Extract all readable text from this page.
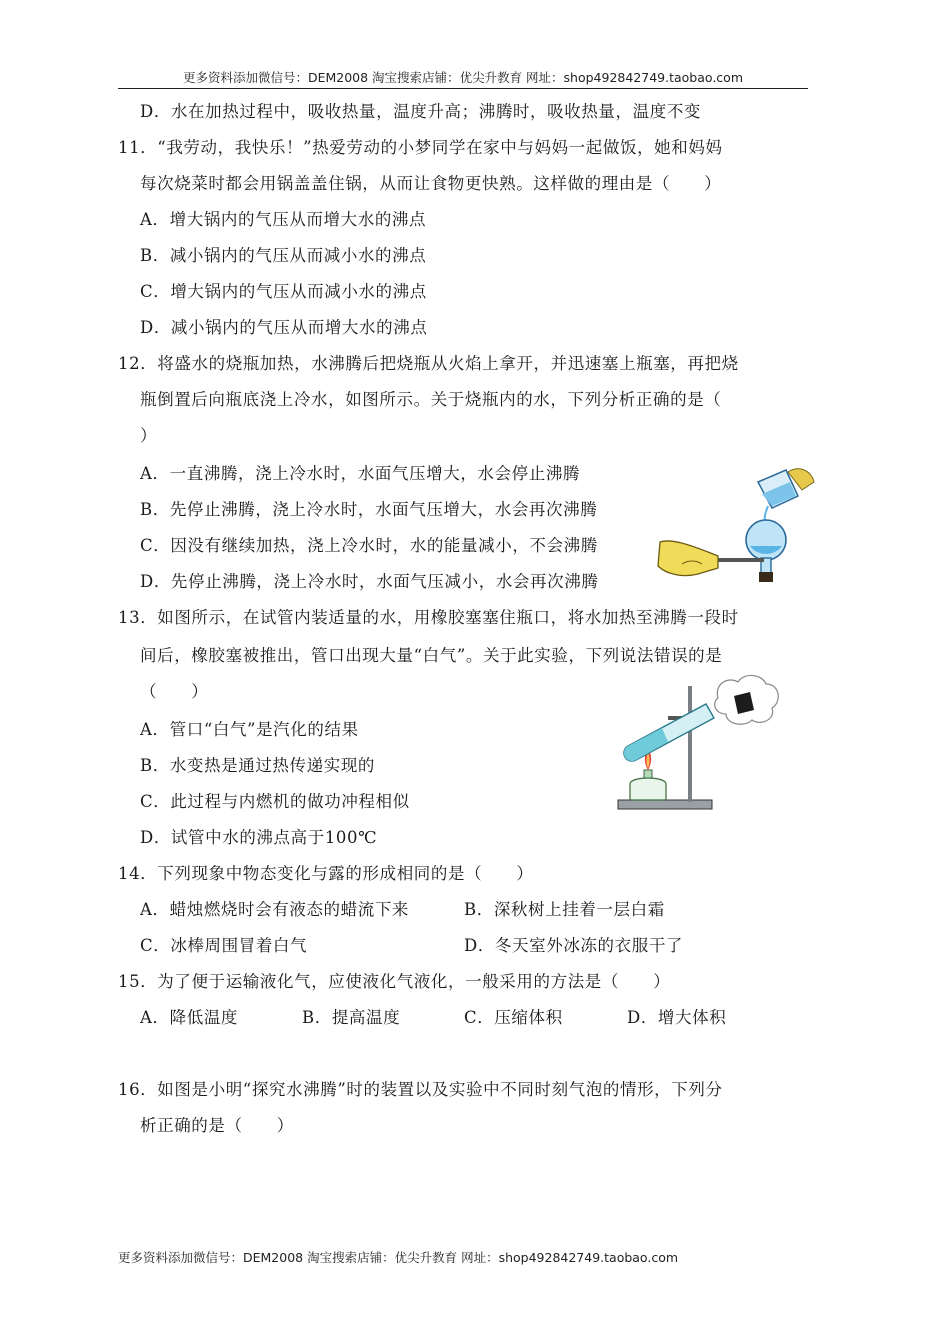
更多资料添加微信号：DEM2008 淘宝搜索店铺：优尖升教育 网址：shop492842749.taobao.com
D．水在加热过程中，吸收热量，温度升高；沸腾时，吸收热量，温度不变
11．“我劳动，我快乐！”热爱劳动的小梦同学在家中与妈妈一起做饭，她和妈妈
每次烧菜时都会用锅盖盖住锅，从而让食物更快熟。这样做的理由是（　　）
A．增大锅内的气压从而增大水的沸点
B．减小锅内的气压从而减小水的沸点
C．增大锅内的气压从而减小水的沸点
D．减小锅内的气压从而增大水的沸点
12．将盛水的烧瓶加热，水沸腾后把烧瓶从火焰上拿开，并迅速塞上瓶塞，再把烧
瓶倒置后向瓶底浇上冷水，如图所示。关于烧瓶内的水，下列分析正确的是（
）
A．一直沸腾，浇上冷水时，水面气压增大，水会停止沸腾
B．先停止沸腾，浇上冷水时，水面气压增大，水会再次沸腾
C．因没有继续加热，浇上冷水时，水的能量减小，不会沸腾
D．先停止沸腾，浇上冷水时，水面气压减小，水会再次沸腾
13．如图所示，在试管内装适量的水，用橡胶塞塞住瓶口，将水加热至沸腾一段时
间后，橡胶塞被推出，管口出现大量“白气”。关于此实验，下列说法错误的是
（　　）
A．管口“白气”是汽化的结果
B．水变热是通过热传递实现的
C．此过程与内燃机的做功冲程相似
D．试管中水的沸点高于100℃
14．下列现象中物态变化与露的形成相同的是（　　）
A．蜡烛燃烧时会有液态的蜡流下来	B．深秋树上挂着一层白霜
C．冰棒周围冒着白气	D．冬天室外冰冻的衣服干了
15．为了便于运输液化气，应使液化气液化，一般采用的方法是（　　）
A．降低温度	B．提高温度	C．压缩体积	D．增大体积
16．如图是小明“探究水沸腾”时的装置以及实验中不同时刻气泡的情形，下列分
析正确的是（　　）
更多资料添加微信号：DEM2008 淘宝搜索店铺：优尖升教育 网址：shop492842749.taobao.com
